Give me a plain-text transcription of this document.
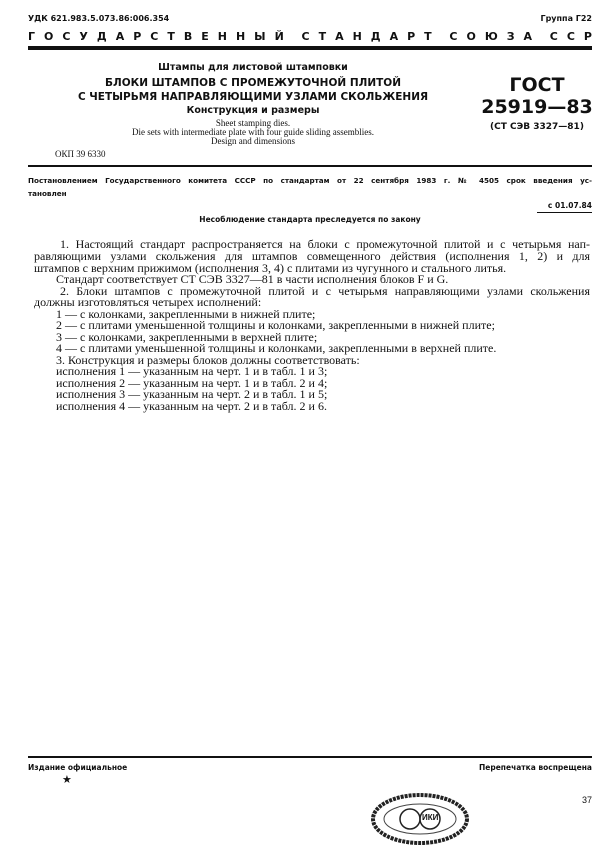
УДК 621.983.5.073.86:006.354	Группа Г22
ГОСУДАРСТВЕННЫЙ СТАНДАРТ СОЮЗА ССР
Штампы для листовой штамповки
БЛОКИ ШТАМПОВ С ПРОМЕЖУТОЧНОЙ ПЛИТОЙ
С ЧЕТЫРЬМЯ НАПРАВЛЯЮЩИМИ УЗЛАМИ СКОЛЬЖЕНИЯ
Конструкция и размеры
Sheet stamping dies.
Die sets with intermediate plate with four guide sliding assemblies.
Design and dimensions
ОКП 39 6330
ГОСТ
25919—83
(СТ СЭВ 3327—81)
Постановлением Государственного комитета СССР по стандартам от 22 сентября 1983 г. № 4505 срок введения ус-
тановлен
с 01.07.84
Несоблюдение стандарта преследуется по закону
1. Настоящий стандарт распространяется на блоки с промежуточной плитой и с четырьмя нап-
равляющими узлами скольжения для штампов совмещенного действия (исполнения 1, 2) и для
штампов с верхним прижимом (исполнения 3, 4) с плитами из чугунного и стального литья.
Стандарт соответствует СТ СЭВ 3327—81 в части исполнения блоков F и G.
2. Блоки штампов с промежуточной плитой и с четырьмя направляющими узлами скольжения
должны изготовляться четырех исполнений:
1 — с колонками, закрепленными в нижней плите;
2 — с плитами уменьшенной толщины и колонками, закрепленными в нижней плите;
3 — с колонками, закрепленными в верхней плите;
4 — с плитами уменьшенной толщины и колонками, закрепленными в верхней плите.
3. Конструкция и размеры блоков должны соответствовать:
исполнения 1 — указанным на черт. 1 и в табл. 1 и 3;
исполнения 2 — указанным на черт. 1 и в табл. 2 и 4;
исполнения 3 — указанным на черт. 2 и в табл. 1 и 5;
исполнения 4 — указанным на черт. 2 и в табл. 2 и 6.
Издание официальное
★
Перепечатка воспрещена
37
ИКИ
